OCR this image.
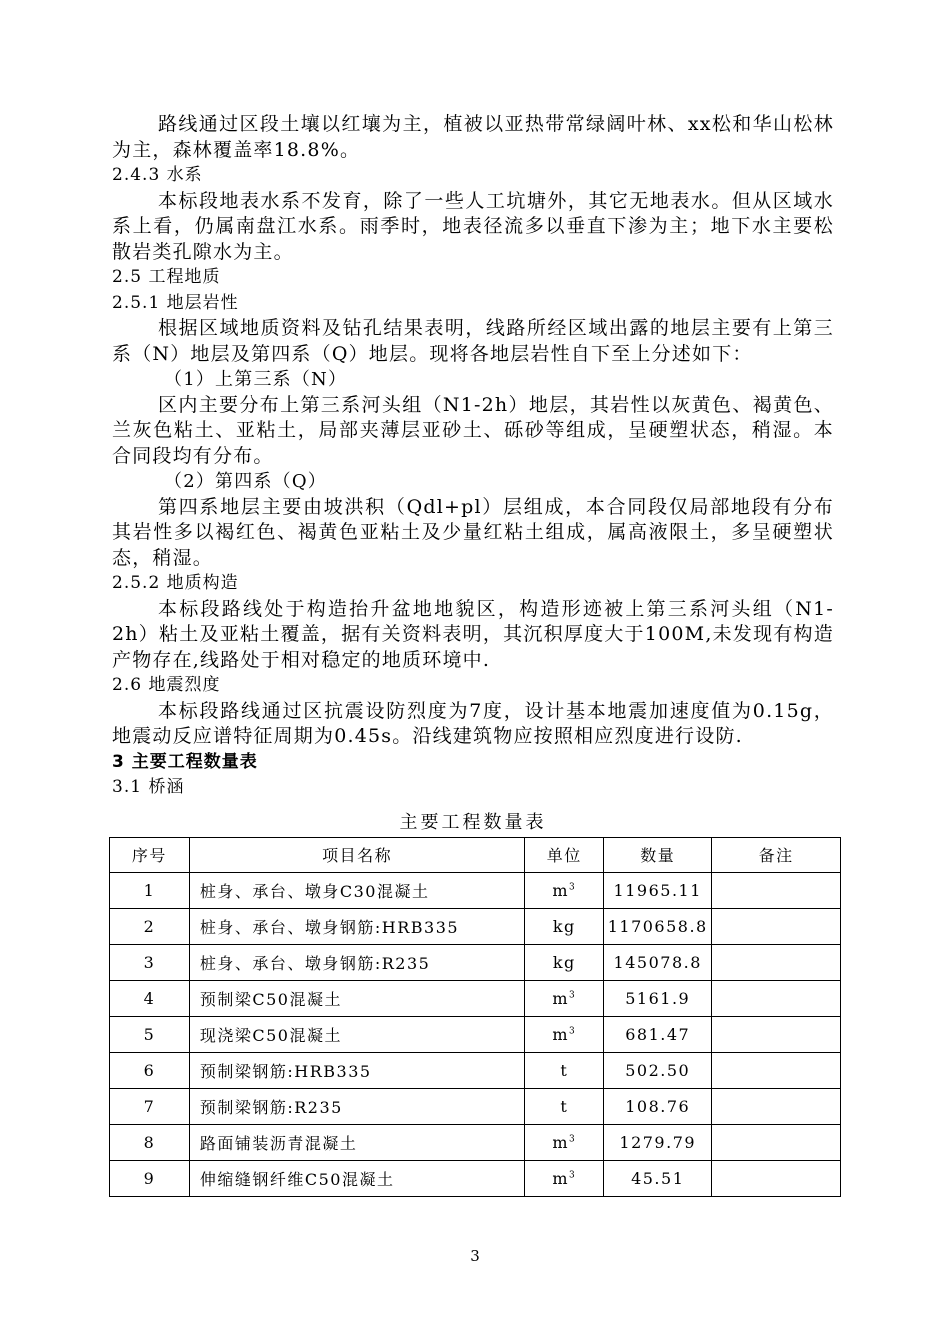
路线通过区段土壤以红壤为主，植被以亚热带常绿阔叶林、xx松和华山松林为主，森林覆盖率18.8%。

2.4.3 水系

本标段地表水系不发育，除了一些人工坑塘外，其它无地表水。但从区域水系上看，仍属南盘江水系。雨季时，地表径流多以垂直下渗为主；地下水主要松散岩类孔隙水为主。

2.5 工程地质

2.5.1 地层岩性

根据区域地质资料及钻孔结果表明，线路所经区域出露的地层主要有上第三系（N）地层及第四系（Q）地层。现将各地层岩性自下至上分述如下：

（1）上第三系（N）

区内主要分布上第三系河头组（N1-2h）地层，其岩性以灰黄色、褐黄色、兰灰色粘土、亚粘土，局部夹薄层亚砂土、砾砂等组成，呈硬塑状态，稍湿。本合同段均有分布。

（2）第四系（Q）

第四系地层主要由坡洪积（Qdl+pl）层组成，本合同段仅局部地段有分布其岩性多以褐红色、褐黄色亚粘土及少量红粘土组成，属高液限土，多呈硬塑状态，稍湿。

2.5.2 地质构造

本标段路线处于构造抬升盆地地貌区，构造形迹被上第三系河头组（N1-2h）粘土及亚粘土覆盖，据有关资料表明，其沉积厚度大于100M,未发现有构造产物存在,线路处于相对稳定的地质环境中.

2.6 地震烈度

本标段路线通过区抗震设防烈度为7度，设计基本地震加速度值为0.15g，地震动反应谱特征周期为0.45s。沿线建筑物应按照相应烈度进行设防.

3 主要工程数量表

3.1 桥涵

主要工程数量表
序号	项目名称	单位	数量	备注
1	桩身、承台、墩身C30混凝土	$m^3$	11965.11	
2	桩身、承台、墩身钢筋:HRB335	kg	1170658.8	
3	桩身、承台、墩身钢筋:R235	kg	145078.8	
4	预制梁C50混凝土	$m^3$	5161.9	
5	现浇梁C50混凝土	$m^3$	681.47	
6	预制梁钢筋:HRB335	t	502.50	
7	预制梁钢筋:R235	t	108.76	
8	路面铺装沥青混凝土	$m^3$	1279.79	
9	伸缩缝钢纤维C50混凝土	$m^3$	45.51	
3
